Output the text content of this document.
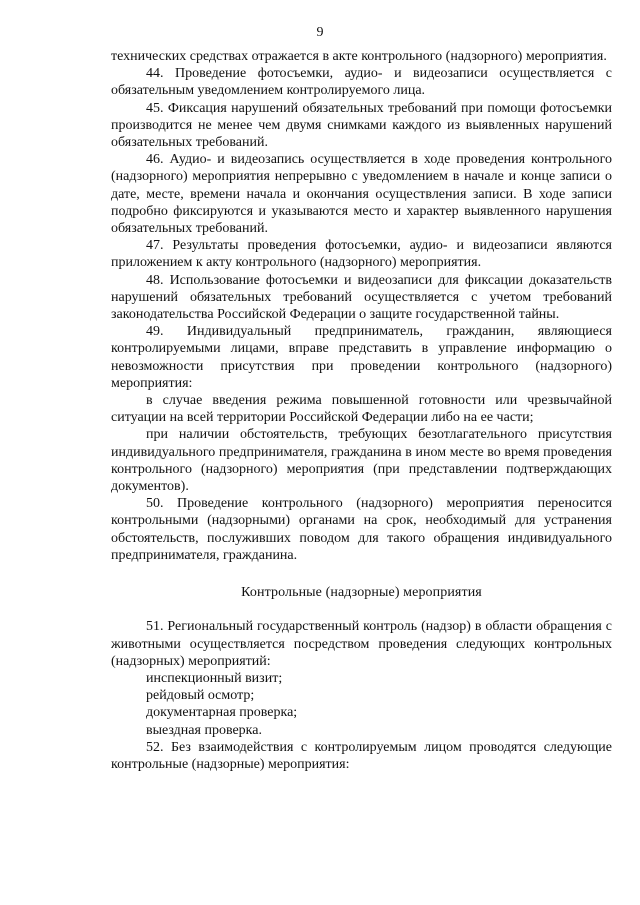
9

технических средствах отражается в акте контрольного (надзорного) мероприятия.

44. Проведение фотосъемки, аудио- и видеозаписи осуществляется с обязательным уведомлением контролируемого лица.

45. Фиксация нарушений обязательных требований при помощи фотосъемки производится не менее чем двумя снимками каждого из выявленных нарушений обязательных требований.

46. Аудио- и видеозапись осуществляется в ходе проведения контрольного (надзорного) мероприятия непрерывно с уведомлением в начале и конце записи о дате, месте, времени начала и окончания осуществления записи. В ходе записи подробно фиксируются и указываются место и характер выявленного нарушения обязательных требований.

47. Результаты проведения фотосъемки, аудио- и видеозаписи являются приложением к акту контрольного (надзорного) мероприятия.

48. Использование фотосъемки и видеозаписи для фиксации доказательств нарушений обязательных требований осуществляется с учетом требований законодательства Российской Федерации о защите государственной тайны.

49. Индивидуальный предприниматель, гражданин, являющиеся контролируемыми лицами, вправе представить в управление информацию о невозможности присутствия при проведении контрольного (надзорного) мероприятия:

в случае введения режима повышенной готовности или чрезвычайной ситуации на всей территории Российской Федерации либо на ее части;

при наличии обстоятельств, требующих безотлагательного присутствия индивидуального предпринимателя, гражданина в ином месте во время проведения контрольного (надзорного) мероприятия (при представлении подтверждающих документов).

50. Проведение контрольного (надзорного) мероприятия переносится контрольными (надзорными) органами на срок, необходимый для устранения обстоятельств, послуживших поводом для такого обращения индивидуального предпринимателя, гражданина.

Контрольные (надзорные) мероприятия

51. Региональный государственный контроль (надзор) в области обращения с животными осуществляется посредством проведения следующих контрольных (надзорных) мероприятий:

инспекционный визит;

рейдовый осмотр;

документарная проверка;

выездная проверка.

52. Без взаимодействия с контролируемым лицом проводятся следующие контрольные (надзорные) мероприятия:
